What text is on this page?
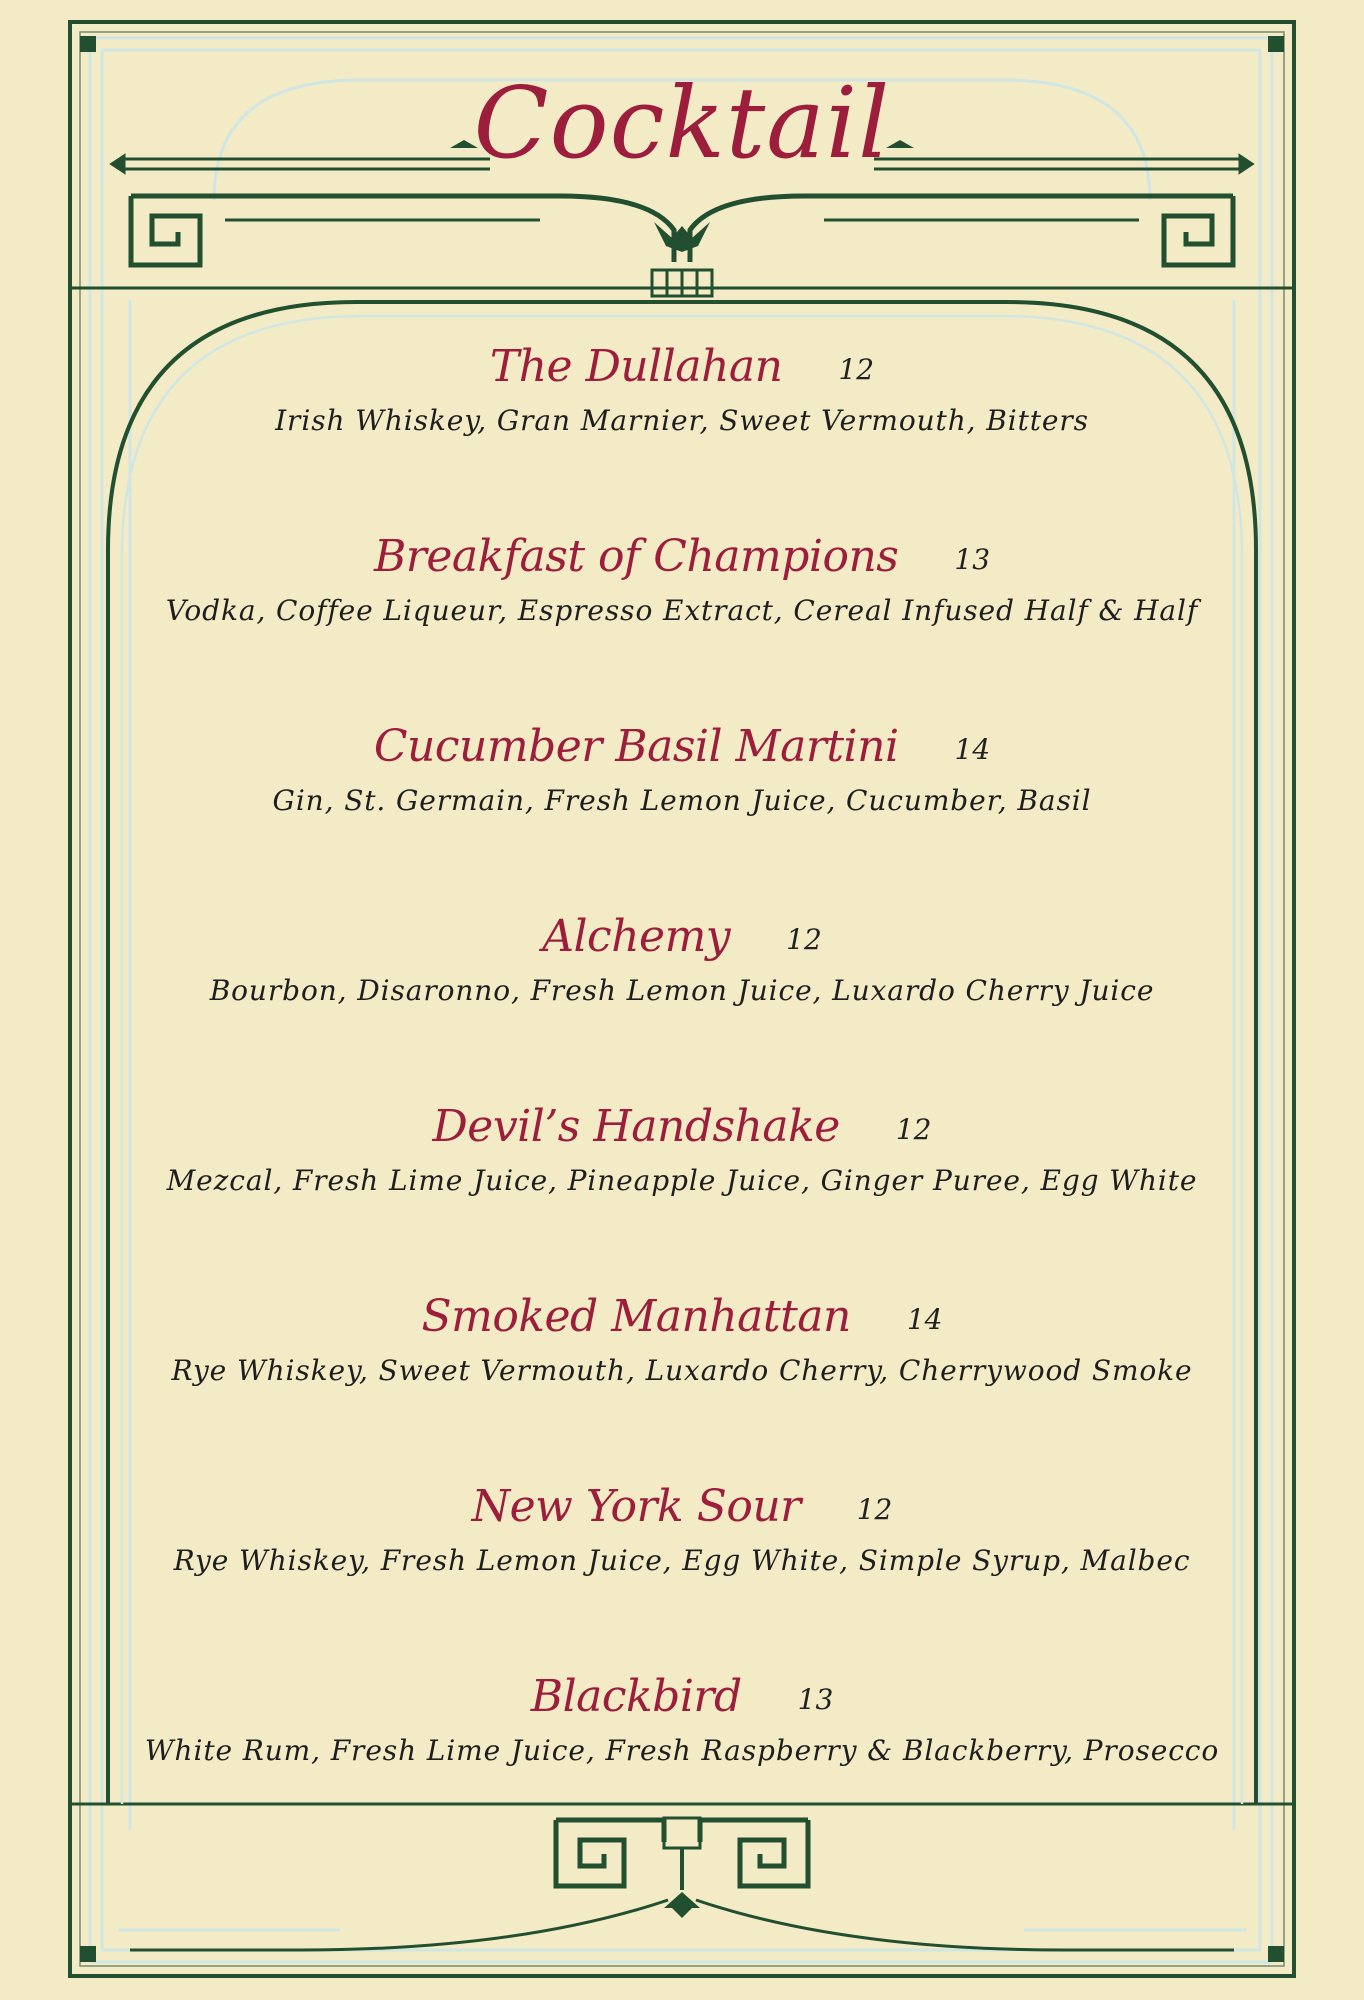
Cocktail
The Dullahan 12
Irish Whiskey, Gran Marnier, Sweet Vermouth, Bitters
Breakfast of Champions 13
Vodka, Coffee Liqueur, Espresso Extract, Cereal Infused Half & Half
Cucumber Basil Martini 14
Gin, St. Germain, Fresh Lemon Juice, Cucumber, Basil
Alchemy 12
Bourbon, Disaronno, Fresh Lemon Juice, Luxardo Cherry Juice
Devil’s Handshake 12
Mezcal, Fresh Lime Juice, Pineapple Juice, Ginger Puree, Egg White
Smoked Manhattan 14
Rye Whiskey, Sweet Vermouth, Luxardo Cherry, Cherrywood Smoke
New York Sour 12
Rye Whiskey, Fresh Lemon Juice, Egg White, Simple Syrup, Malbec
Blackbird 13
White Rum, Fresh Lime Juice, Fresh Raspberry & Blackberry, Prosecco
